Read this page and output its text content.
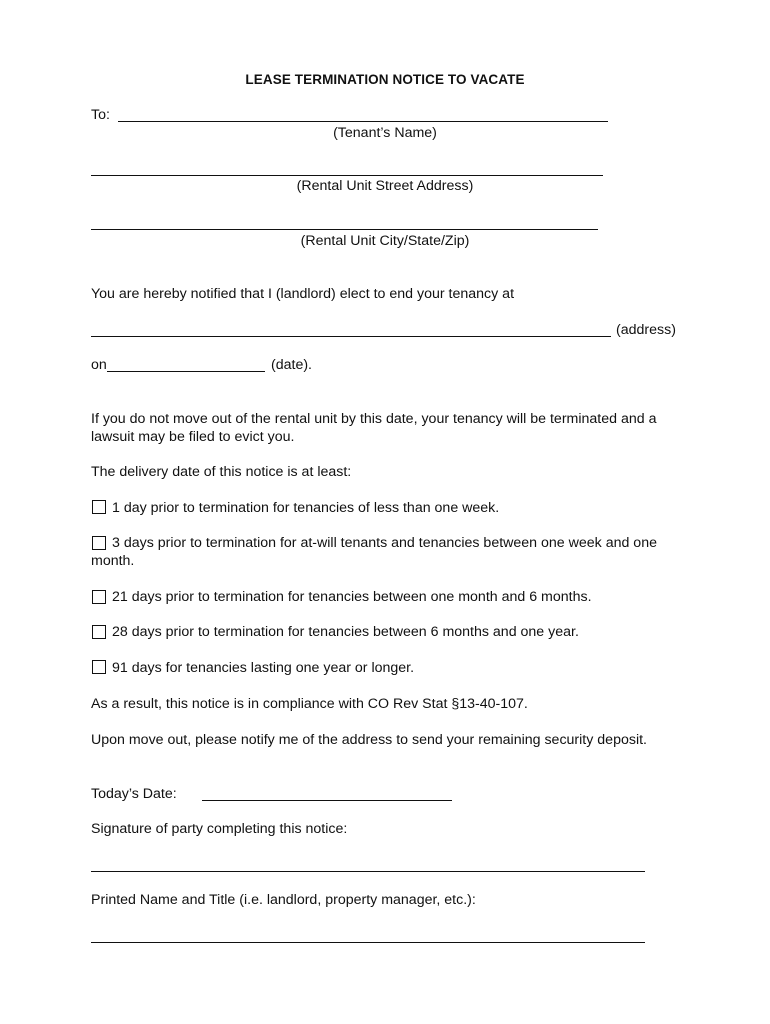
LEASE TERMINATION NOTICE TO VACATE
To:
(Tenant’s Name)
(Rental Unit Street Address)
(Rental Unit City/State/Zip)
You are hereby notified that I (landlord) elect to end your tenancy at
(address)
on	(date).
If you do not move out of the rental unit by this date, your tenancy will be terminated and a lawsuit may be filed to evict you.
The delivery date of this notice is at least:
1 day prior to termination for tenancies of less than one week.
3 days prior to termination for at-will tenants and tenancies between one week and one month.
21 days prior to termination for tenancies between one month and 6 months.
28 days prior to termination for tenancies between 6 months and one year.
91 days for tenancies lasting one year or longer.
As a result, this notice is in compliance with CO Rev Stat §13-40-107.
Upon move out, please notify me of the address to send your remaining security deposit.
Today’s Date:
Signature of party completing this notice:
Printed Name and Title (i.e. landlord, property manager, etc.):
